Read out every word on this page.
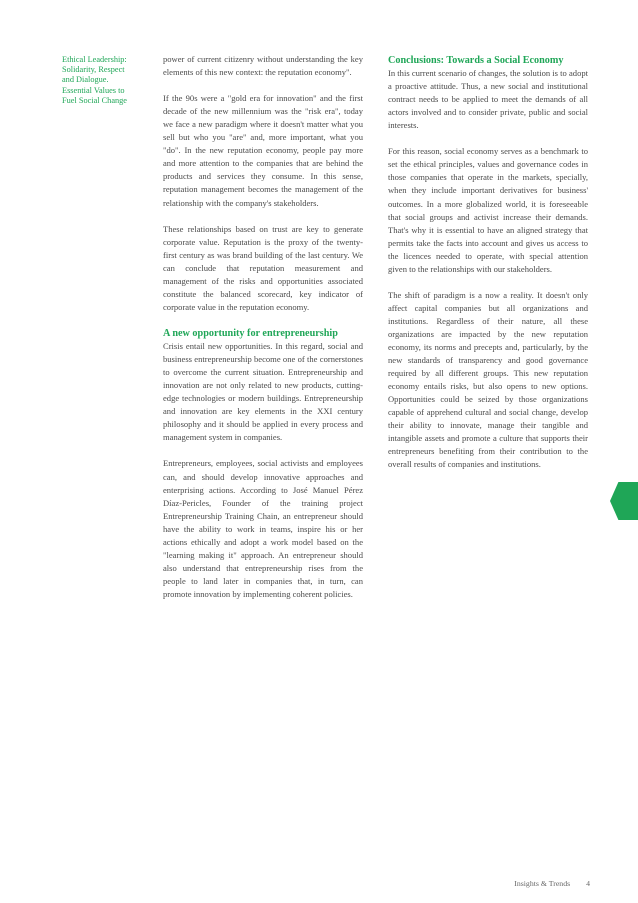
Ethical Leadership:
Solidarity, Respect
and Dialogue.
Essential Values to
Fuel Social Change

power of current citizenry without understanding the key elements of this new context: the reputation economy".

If the 90s were a "gold era for innovation" and the first decade of the new millennium was the "risk era", today we face a new paradigm where it doesn't matter what you sell but who you "are" and, more important, what you "do". In the new reputation economy, people pay more and more attention to the companies that are behind the products and services they consume. In this sense, reputation management becomes the management of the relationship with the company's stakeholders.

These relationships based on trust are key to generate corporate value. Reputation is the proxy of the twenty-first century as was brand building of the last century. We can conclude that reputation measurement and management of the risks and opportunities associated constitute the balanced scorecard, key indicator of corporate value in the reputation economy.

A new opportunity for entrepreneurship

Crisis entail new opportunities. In this regard, social and business entrepreneurship become one of the cornerstones to overcome the current situation. Entrepreneurship and innovation are not only related to new products, cutting-edge technologies or modern buildings. Entrepreneurship and innovation are key elements in the XXI century philosophy and it should be applied in every process and management system in companies.

Entrepreneurs, employees, social activists and employees can, and should develop innovative approaches and enterprising actions. According to José Manuel Pérez Díaz-Pericles, Founder of the training project Entrepreneurship Training Chain, an entrepreneur should have the ability to work in teams, inspire his or her actions ethically and adopt a work model based on the "learning making it" approach. An entrepreneur should also understand that entrepreneurship rises from the people to land later in companies that, in turn, can promote innovation by implementing coherent policies.

Conclusions: Towards a Social Economy

In this current scenario of changes, the solution is to adopt a proactive attitude. Thus, a new social and institutional contract needs to be applied to meet the demands of all actors involved and to consider private, public and social interests.

For this reason, social economy serves as a benchmark to set the ethical principles, values and governance codes in those companies that operate in the markets, specially, when they include important derivatives for business' outcomes. In a more globalized world, it is foreseeable that social groups and activist increase their demands. That's why it is essential to have an aligned strategy that permits take the facts into account and gives us access to the licences needed to operate, with special attention given to the relationships with our stakeholders.

The shift of paradigm is a now a reality. It doesn't only affect capital companies but all organizations and institutions. Regardless of their nature, all these organizations are impacted by the new reputation economy, its norms and precepts and, particularly, by the new standards of transparency and good governance required by all different groups. This new reputation economy entails risks, but also opens to new options. Opportunities could be seized by those organizations capable of apprehend cultural and social change, develop their ability to innovate, manage their tangible and intangible assets and promote a culture that supports their entrepreneurs benefiting from their contribution to the overall results of companies and institutions.

Insights & Trends 4
